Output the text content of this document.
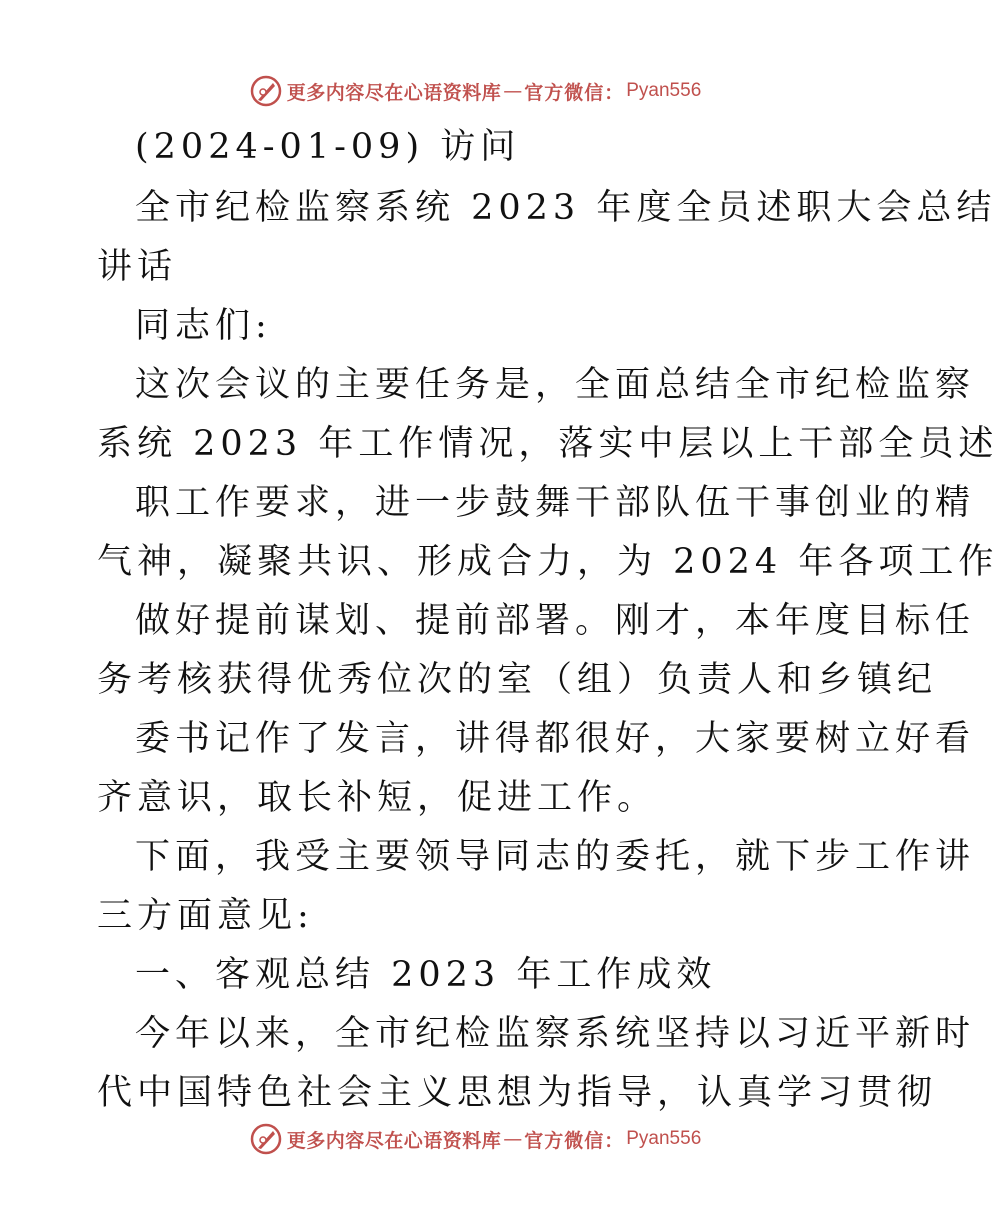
更多内容尽在心语资料库 — 官方微信： Pyan556
(2024-01-09) 访问
全市纪检监察系统 2023 年度全员述职大会总结
讲话
同志们:
这次会议的主要任务是，全面总结全市纪检监察
系统 2023 年工作情况，落实中层以上干部全员述
职工作要求，进一步鼓舞干部队伍干事创业的精
气神，凝聚共识、形成合力，为 2024 年各项工作
做好提前谋划、提前部署。刚才，本年度目标任
务考核获得优秀位次的室（组）负责人和乡镇纪
委书记作了发言，讲得都很好，大家要树立好看
齐意识，取长补短，促进工作。
下面，我受主要领导同志的委托，就下步工作讲
三方面意见:
一、客观总结 2023 年工作成效
今年以来，全市纪检监察系统坚持以习近平新时
代中国特色社会主义思想为指导，认真学习贯彻
更多内容尽在心语资料库 — 官方微信： Pyan556
